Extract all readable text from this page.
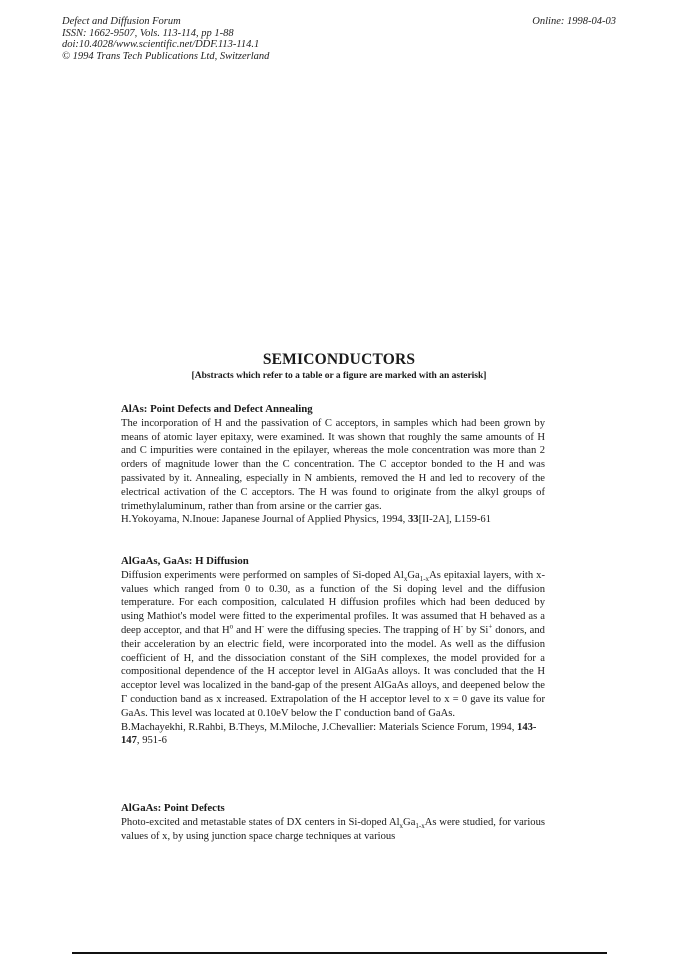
Defect and Diffusion Forum
ISSN: 1662-9507, Vols. 113-114, pp 1-88
doi:10.4028/www.scientific.net/DDF.113-114.1
© 1994 Trans Tech Publications Ltd, Switzerland
Online: 1998-04-03
SEMICONDUCTORS
[Abstracts which refer to a table or a figure are marked with an asterisk]
AlAs: Point Defects and Defect Annealing
The incorporation of H and the passivation of C acceptors, in samples which had been grown by means of atomic layer epitaxy, were examined. It was shown that roughly the same amounts of H and C impurities were contained in the epilayer, whereas the mole concentration was more than 2 orders of magnitude lower than the C concentration. The C acceptor bonded to the H and was passivated by it. Annealing, especially in N ambients, removed the H and led to recovery of the electrical activation of the C acceptors. The H was found to originate from the alkyl groups of trimethylaluminum, rather than from arsine or the carrier gas.
H.Yokoyama, N.Inoue: Japanese Journal of Applied Physics, 1994, 33[II-2A], L159-61
AlGaAs, GaAs: H Diffusion
Diffusion experiments were performed on samples of Si-doped $Al_xGa_{1-x}As$ epitaxial layers, with x-values which ranged from 0 to 0.30, as a function of the Si doping level and the diffusion temperature. For each composition, calculated H diffusion profiles which had been deduced by using Mathiot's model were fitted to the experimental profiles. It was assumed that H behaved as a deep acceptor, and that $H^o$ and H- were the diffusing species. The trapping of H- by Si+ donors, and their acceleration by an electric field, were incorporated into the model. As well as the diffusion coefficient of H, and the dissociation constant of the SiH complexes, the model provided for a compositional dependence of the H acceptor level in AlGaAs alloys. It was concluded that the H acceptor level was localized in the band-gap of the present AlGaAs alloys, and deepened below the Γ conduction band as x increased. Extrapolation of the H acceptor level to x = 0 gave its value for GaAs. This level was located at 0.10eV below the Γ conduction band of GaAs.
B.Machayekhi, R.Rahbi, B.Theys, M.Miloche, J.Chevallier: Materials Science Forum, 1994, 143-147, 951-6
AlGaAs: Point Defects
Photo-excited and metastable states of DX centers in Si-doped $Al_xGa_{1-x}As$ were studied, for various values of x, by using junction space charge techniques at various
